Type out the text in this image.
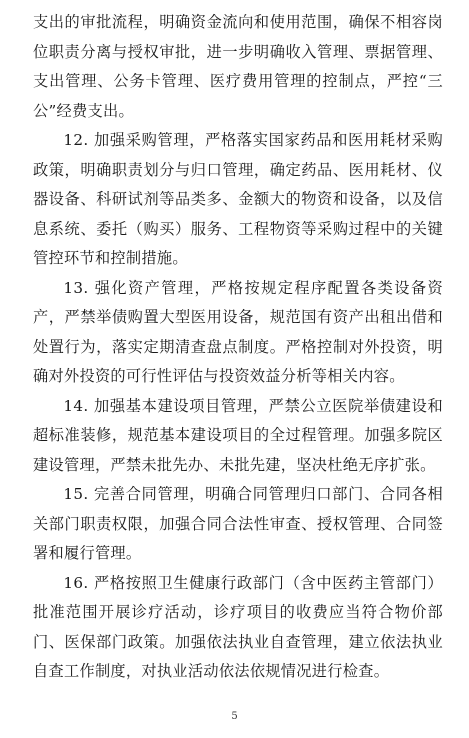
支出的审批流程，明确资金流向和使用范围，确保不相容岗位职责分离与授权审批，进一步明确收入管理、票据管理、支出管理、公务卡管理、医疗费用管理的控制点，严控“三公”经费支出。

12. 加强采购管理，严格落实国家药品和医用耗材采购政策，明确职责划分与归口管理，确定药品、医用耗材、仪器设备、科研试剂等品类多、金额大的物资和设备，以及信息系统、委托（购买）服务、工程物资等采购过程中的关键管控环节和控制措施。

13. 强化资产管理，严格按规定程序配置各类设备资产，严禁举债购置大型医用设备，规范国有资产出租出借和处置行为，落实定期清查盘点制度。严格控制对外投资，明确对外投资的可行性评估与投资效益分析等相关内容。

14. 加强基本建设项目管理，严禁公立医院举债建设和超标准装修，规范基本建设项目的全过程管理。加强多院区建设管理，严禁未批先办、未批先建，坚决杜绝无序扩张。

15. 完善合同管理，明确合同管理归口部门、合同各相关部门职责权限，加强合同合法性审查、授权管理、合同签署和履行管理。

16. 严格按照卫生健康行政部门（含中医药主管部门）批准范围开展诊疗活动，诊疗项目的收费应当符合物价部门、医保部门政策。加强依法执业自查管理，建立依法执业自查工作制度，对执业活动依法依规情况进行检查。

5
